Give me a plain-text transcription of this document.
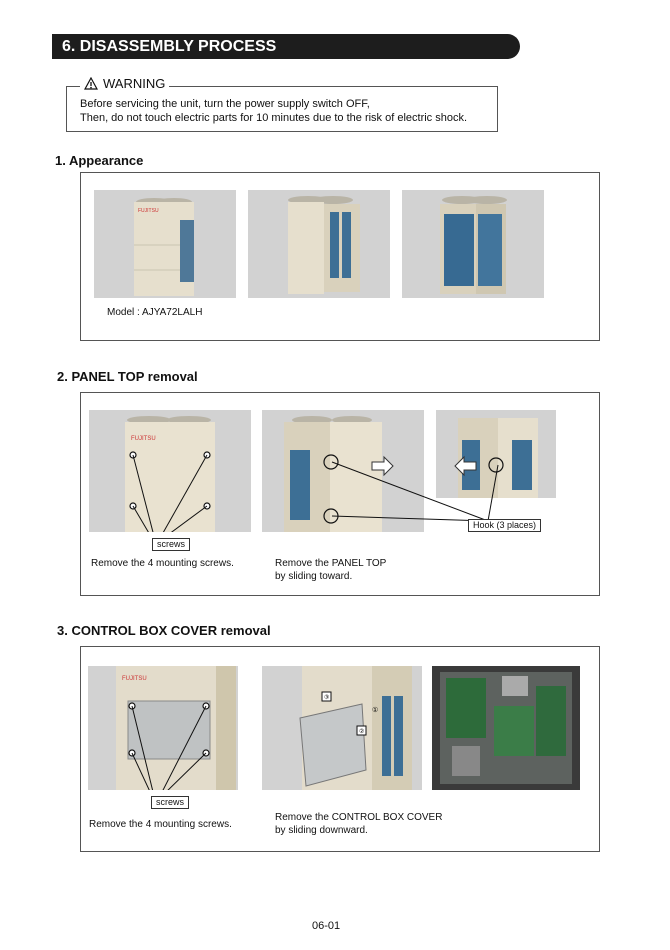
6. DISASSEMBLY PROCESS
WARNING
Before servicing the unit, turn the power supply switch OFF,
Then, do not touch electric parts for 10 minutes due to the risk of electric shock.
1. Appearance
FUJITSU
Model : AJYA72LALH
2. PANEL TOP removal
FUJITSU
Hook (3 places)
screws
Remove the 4 mounting screws.	Remove the PANEL TOP
by sliding toward.
3. CONTROL BOX COVER removal
FUJITSU
③
①
②
screws
Remove the 4 mounting screws.
Remove the CONTROL BOX COVER
by sliding downward.
06-01
